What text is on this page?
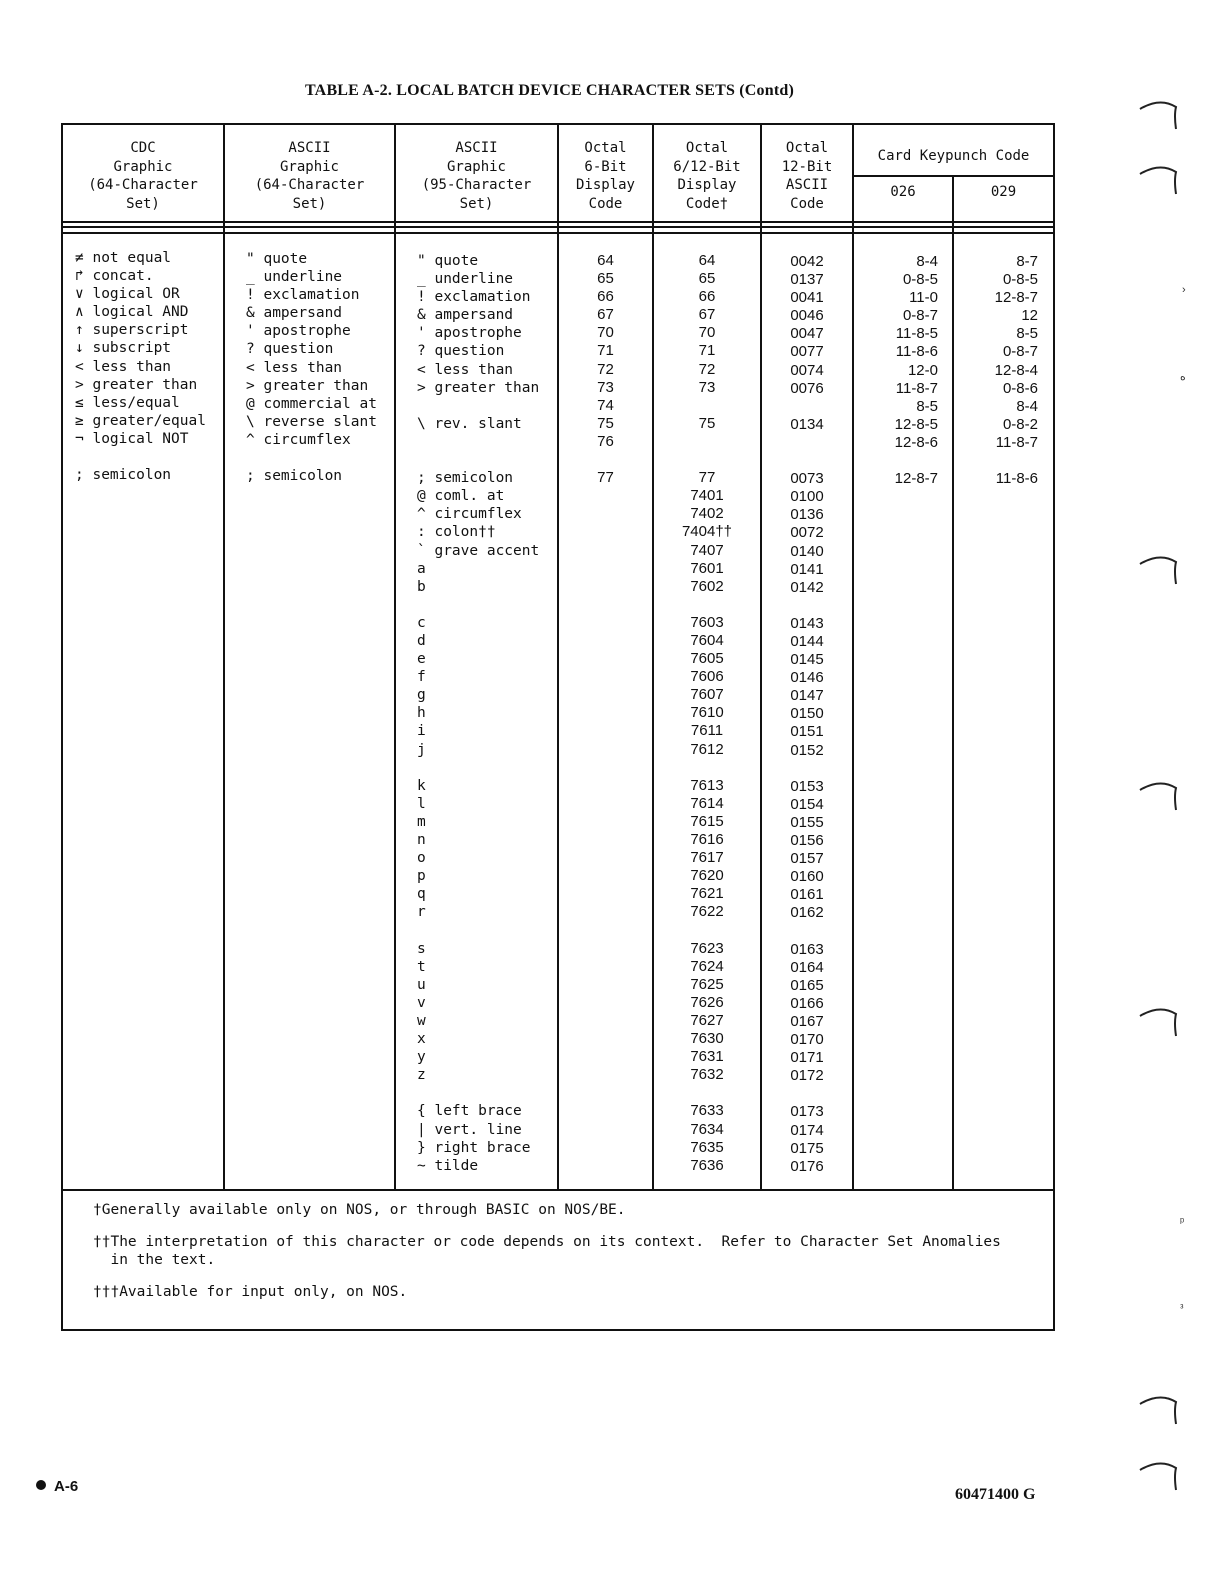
TABLE A-2. LOCAL BATCH DEVICE CHARACTER SETS (Contd)
CDC
Graphic
(64-Character
Set)
ASCII
Graphic
(64-Character
Set)
ASCII
Graphic
(95-Character
Set)
Octal
6-Bit
Display
Code
Octal
6/12-Bit
Display
Code†
Octal
12-Bit
ASCII
Code
Card Keypunch Code
026	029
≠ not equal
↱ concat.
∨ logical OR
∧ logical AND
↑ superscript
↓ subscript
< less than
> greater than
≤ less/equal
≥ greater/equal
¬ logical NOT

; semicolon
" quote
_ underline
! exclamation
& ampersand
' apostrophe
? question
< less than
> greater than
@ commercial at
\ reverse slant
^ circumflex

; semicolon
" quote
_ underline
! exclamation
& ampersand
' apostrophe
? question
< less than
> greater than

\ rev. slant

; semicolon
@ coml. at
^ circumflex
: colon††
` grave accent
a
b

c
d
e
f
g
h
i
j

k
l
m
n
o
p
q
r

s
t
u
v
w
x
y
z

{ left brace
| vert. line
} right brace
~ tilde
64
65
66
67
70
71
72
73
74
75
76

77
64
65
66
67
70
71
72
73

75

77
7401
7402
7404††
7407
7601
7602

7603
7604
7605
7606
7607
7610
7611
7612

7613
7614
7615
7616
7617
7620
7621
7622

7623
7624
7625
7626
7627
7630
7631
7632

7633
7634
7635
7636
0042
0137
0041
0046
0047
0077
0074
0076

0134

0073
0100
0136
0072
0140
0141
0142

0143
0144
0145
0146
0147
0150
0151
0152

0153
0154
0155
0156
0157
0160
0161
0162

0163
0164
0165
0166
0167
0170
0171
0172

0173
0174
0175
0176
8-4
0-8-5
11-0
0-8-7
11-8-5
11-8-6
12-0
11-8-7
8-5
12-8-5
12-8-6

12-8-7
8-7
0-8-5
12-8-7
12
8-5
0-8-7
12-8-4
0-8-6
8-4
0-8-2
11-8-7

11-8-6

†Generally available only on NOS, or through BASIC on NOS/BE.

††The interpretation of this character or code depends on its context.  Refer to Character Set Anomalies
in the text.

†††Available for input only, on NOS.

A-6	60471400 G
›
ه
ᵖ
ᵌ
